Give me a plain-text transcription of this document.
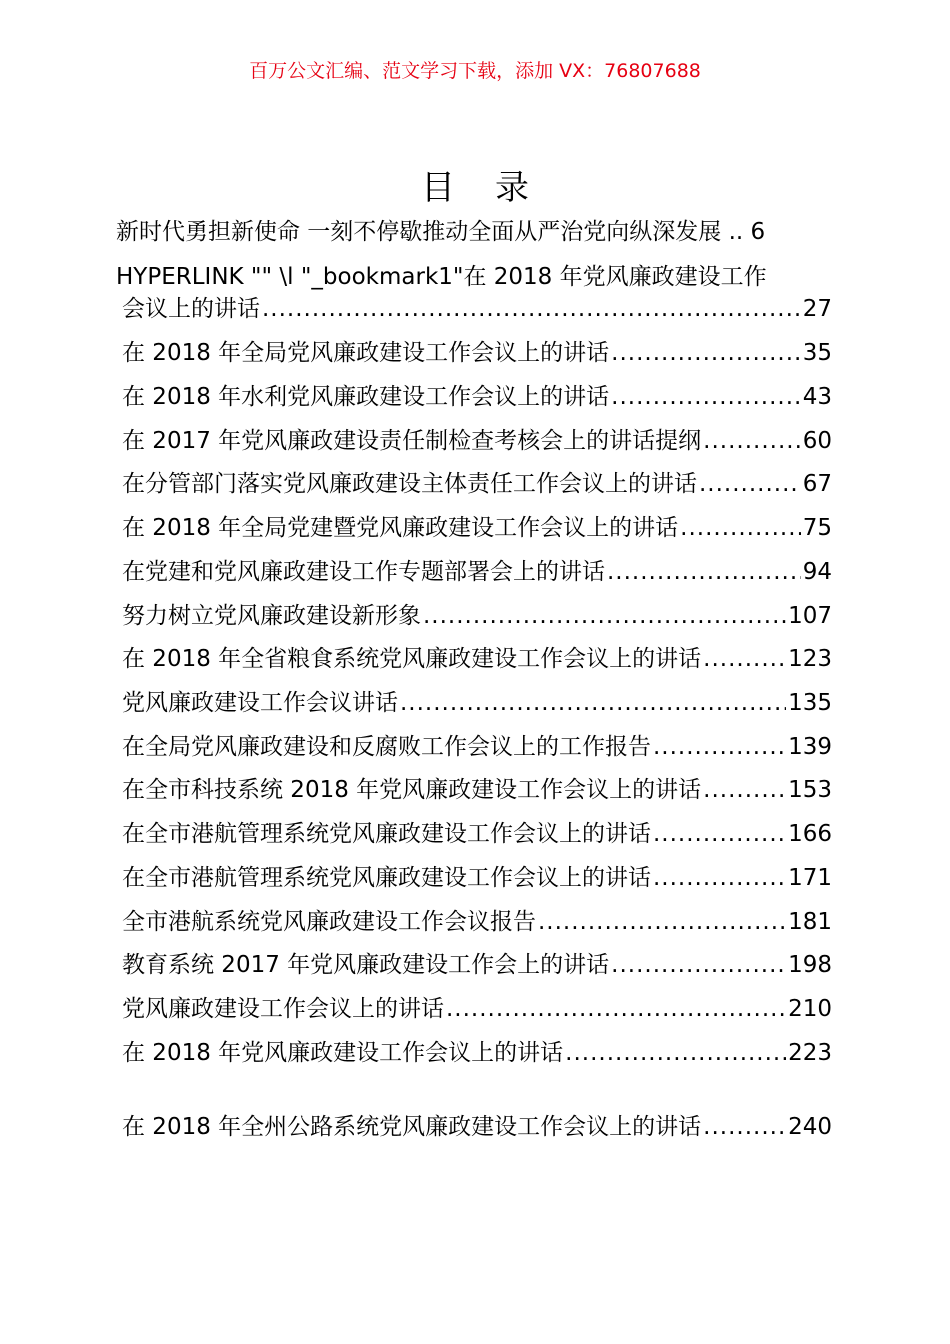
百万公文汇编、范文学习下载，添加 VX：76807688
目 录
新时代勇担新使命 一刻不停歇推动全面从严治党向纵深发展 .. 6
HYPERLINK "" \l "_bookmark1"在 2018 年党风廉政建设工作
会议上的讲话 .....	27
在 2018 年全局党风廉政建设工作会议上的讲话 .....	35
在 2018 年水利党风廉政建设工作会议上的讲话 .....	43
在 2017 年党风廉政建设责任制检查考核会上的讲话提纲 .....	60
在分管部门落实党风廉政建设主体责任工作会议上的讲话 .....	67
在 2018 年全局党建暨党风廉政建设工作会议上的讲话 .....	75
在党建和党风廉政建设工作专题部署会上的讲话 .....	94
努力树立党风廉政建设新形象 .....	107
在 2018 年全省粮食系统党风廉政建设工作会议上的讲话 .....	123
党风廉政建设工作会议讲话 .....	135
在全局党风廉政建设和反腐败工作会议上的工作报告 .....	139
在全市科技系统 2018 年党风廉政建设工作会议上的讲话 .....	153
在全市港航管理系统党风廉政建设工作会议上的讲话 .....	166
在全市港航管理系统党风廉政建设工作会议上的讲话 .....	171
全市港航系统党风廉政建设工作会议报告 .....	181
教育系统 2017 年党风廉政建设工作会上的讲话 .....	198
党风廉政建设工作会议上的讲话 .....	210
在 2018 年党风廉政建设工作会议上的讲话 .....	223
在 2018 年全州公路系统党风廉政建设工作会议上的讲话 .....	240
